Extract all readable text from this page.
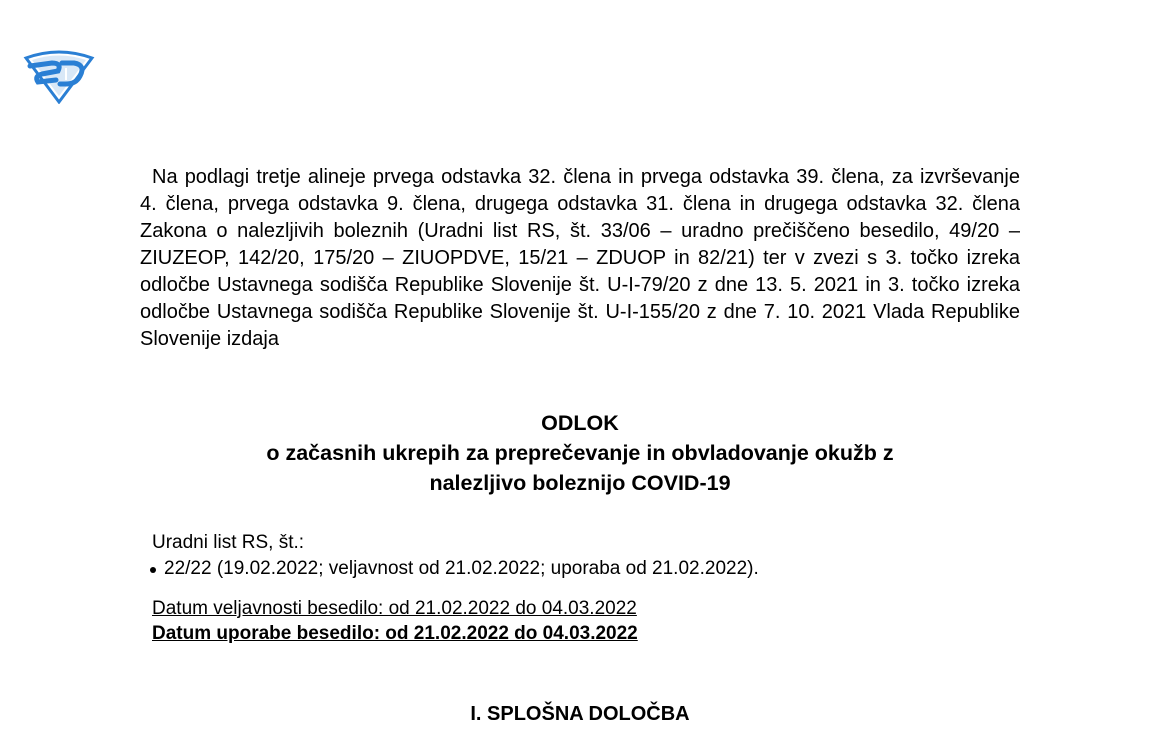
Na podlagi tretje alineje prvega odstavka 32. člena in prvega odstavka 39. člena, za izvrševanje 4. člena, prvega odstavka 9. člena, drugega odstavka 31. člena in drugega odstavka 32. člena Zakona o nalezljivih boleznih (Uradni list RS, št. 33/06 – uradno prečiščeno besedilo, 49/20 – ZIUZEOP, 142/20, 175/20 – ZIUOPDVE, 15/21 – ZDUOP in 82/21) ter v zvezi s 3. točko izreka odločbe Ustavnega sodišča Republike Slovenije št. U-I-79/20 z dne 13. 5. 2021 in 3. točko izreka odločbe Ustavnega sodišča Republike Slovenije št. U-I-155/20 z dne 7. 10. 2021 Vlada Republike Slovenije izdaja

ODLOK
o začasnih ukrepih za preprečevanje in obvladovanje okužb z
nalezljivo boleznijo COVID-19
Uradni list RS, št.:
22/22 (19.02.2022; veljavnost od 21.02.2022; uporaba od 21.02.2022).
Datum veljavnosti besedilo: od 21.02.2022 do 04.03.2022
Datum uporabe besedilo: od 21.02.2022 do 04.03.2022
I. SPLOŠNA DOLOČBA
